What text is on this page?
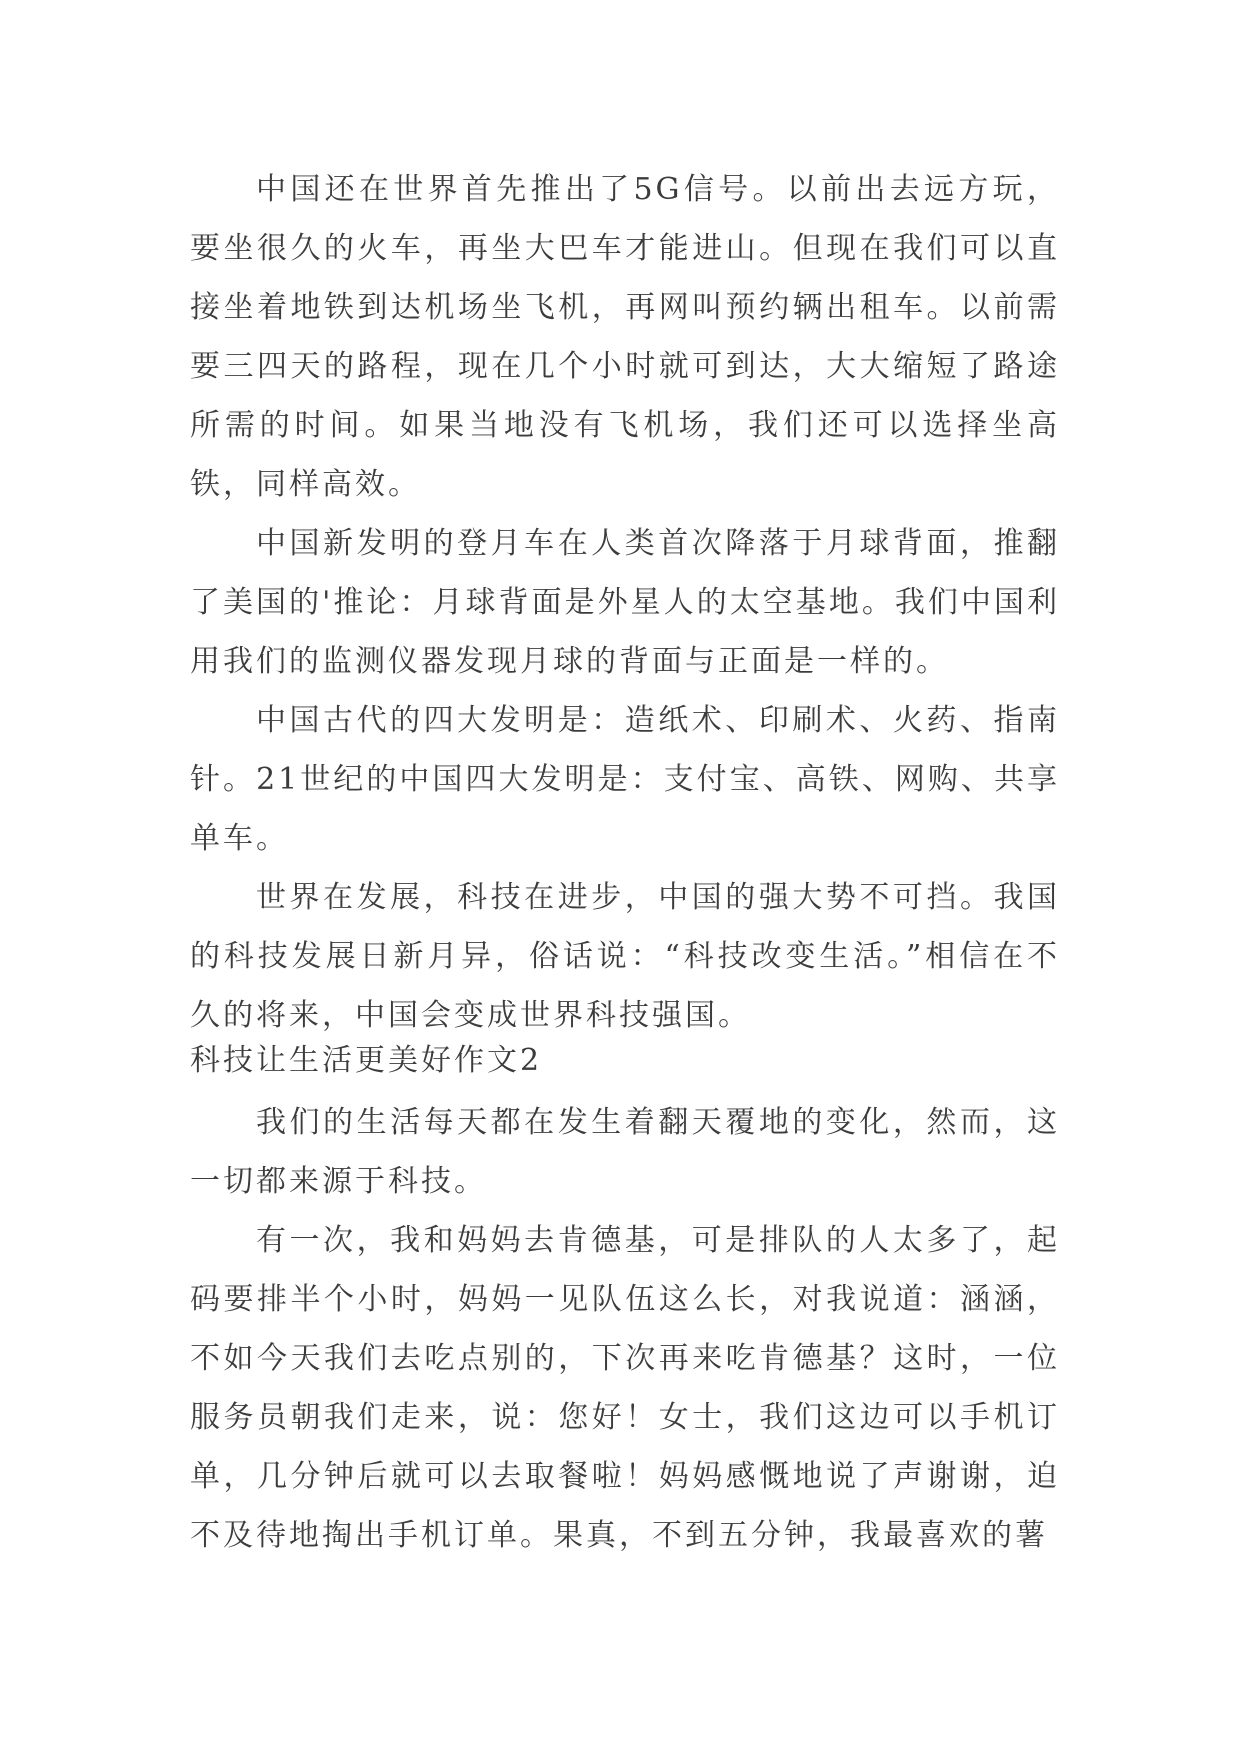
中国还在世界首先推出了5G信号。以前出去远方玩，要坐很久的火车，再坐大巴车才能进山。但现在我们可以直接坐着地铁到达机场坐飞机，再网叫预约辆出租车。以前需要三四天的路程，现在几个小时就可到达，大大缩短了路途所需的时间。如果当地没有飞机场，我们还可以选择坐高铁，同样高效。

中国新发明的登月车在人类首次降落于月球背面，推翻了美国的'推论：月球背面是外星人的太空基地。我们中国利用我们的监测仪器发现月球的背面与正面是一样的。

中国古代的四大发明是：造纸术、印刷术、火药、指南针。21世纪的中国四大发明是：支付宝、高铁、网购、共享单车。

世界在发展，科技在进步，中国的强大势不可挡。我国的科技发展日新月异，俗话说：“科技改变生活。”相信在不久的将来，中国会变成世界科技强国。

科技让生活更美好作文2

我们的生活每天都在发生着翻天覆地的变化，然而，这一切都来源于科技。

有一次，我和妈妈去肯德基，可是排队的人太多了，起码要排半个小时，妈妈一见队伍这么长，对我说道：涵涵，不如今天我们去吃点别的，下次再来吃肯德基？这时，一位服务员朝我们走来，说：您好！女士，我们这边可以手机订单，几分钟后就可以去取餐啦！妈妈感慨地说了声谢谢，迫不及待地掏出手机订单。果真，不到五分钟，我最喜欢的薯
